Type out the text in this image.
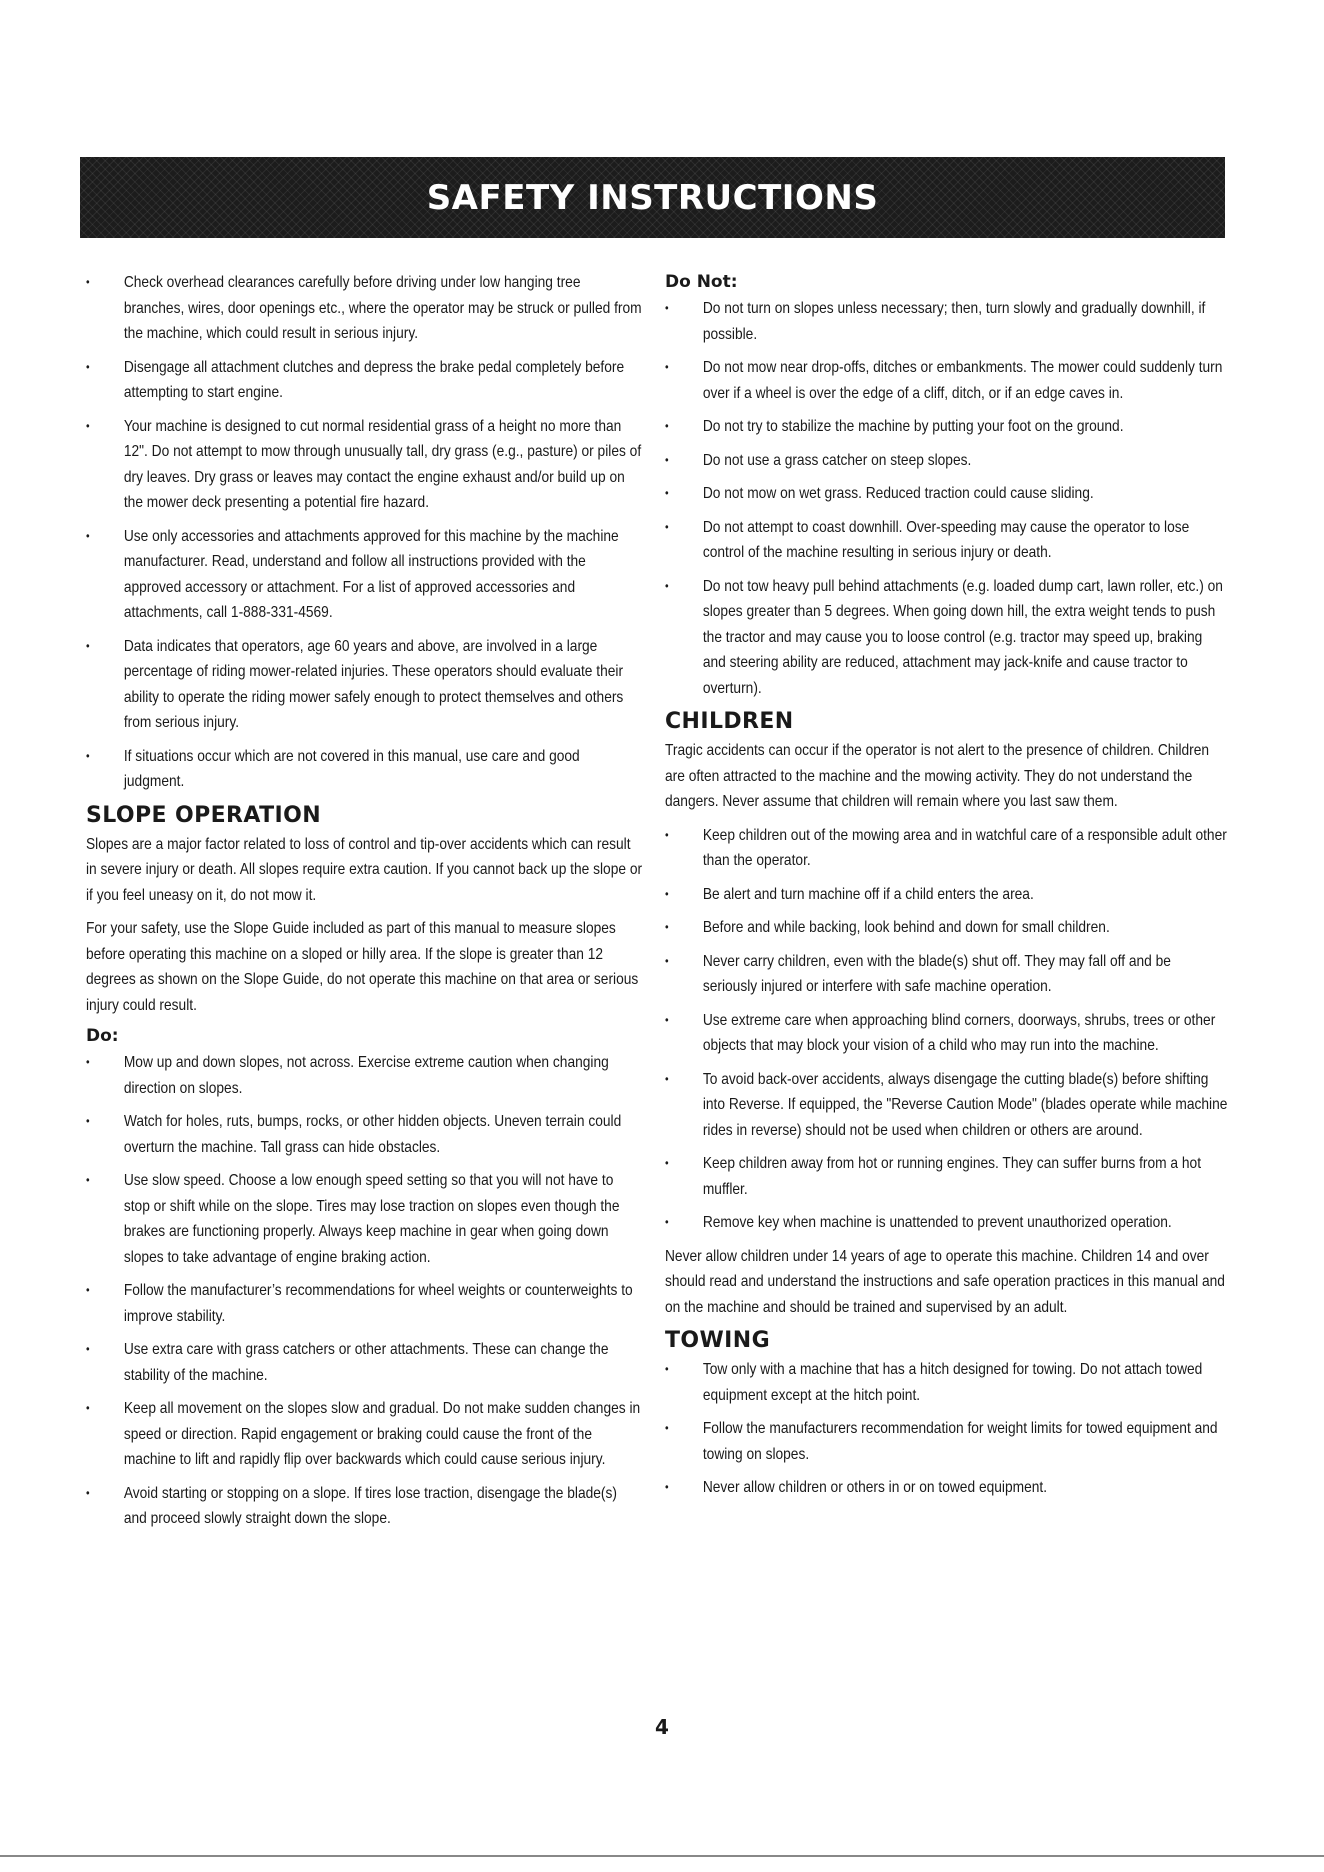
SAFETY INSTRUCTIONS
• Check overhead clearances carefully before driving under low hanging tree branches, wires, door openings etc., where the operator may be struck or pulled from the machine, which could result in serious injury.
• Disengage all attachment clutches and depress the brake pedal completely before attempting to start engine.
• Your machine is designed to cut normal residential grass of a height no more than 12". Do not attempt to mow through unusually tall, dry grass (e.g., pasture) or piles of dry leaves. Dry grass or leaves may contact the engine exhaust and/or build up on the mower deck presenting a potential fire hazard.
• Use only accessories and attachments approved for this machine by the machine manufacturer. Read, understand and follow all instructions provided with the approved accessory or attachment. For a list of approved accessories and attachments, call 1-888-331-4569.
• Data indicates that operators, age 60 years and above, are involved in a large percentage of riding mower-related injuries. These operators should evaluate their ability to operate the riding mower safely enough to protect themselves and others from serious injury.
• If situations occur which are not covered in this manual, use care and good judgment.
SLOPE OPERATION

Slopes are a major factor related to loss of control and tip-over accidents which can result in severe injury or death. All slopes require extra caution. If you cannot back up the slope or if you feel uneasy on it, do not mow it.

For your safety, use the Slope Guide included as part of this manual to measure slopes before operating this machine on a sloped or hilly area. If the slope is greater than 12 degrees as shown on the Slope Guide, do not operate this machine on that area or serious injury could result.

Do:
• Mow up and down slopes, not across. Exercise extreme caution when changing direction on slopes.
• Watch for holes, ruts, bumps, rocks, or other hidden objects. Uneven terrain could overturn the machine. Tall grass can hide obstacles.
• Use slow speed. Choose a low enough speed setting so that you will not have to stop or shift while on the slope. Tires may lose traction on slopes even though the brakes are functioning properly. Always keep machine in gear when going down slopes to take advantage of engine braking action.
• Follow the manufacturer’s recommendations for wheel weights or counterweights to improve stability.
• Use extra care with grass catchers or other attachments. These can change the stability of the machine.
• Keep all movement on the slopes slow and gradual. Do not make sudden changes in speed or direction. Rapid engagement or braking could cause the front of the machine to lift and rapidly flip over backwards which could cause serious injury.
• Avoid starting or stopping on a slope. If tires lose traction, disengage the blade(s) and proceed slowly straight down the slope.
Do Not:
• Do not turn on slopes unless necessary; then, turn slowly and gradually downhill, if possible.
• Do not mow near drop-offs, ditches or embankments. The mower could suddenly turn over if a wheel is over the edge of a cliff, ditch, or if an edge caves in.
• Do not try to stabilize the machine by putting your foot on the ground.
• Do not use a grass catcher on steep slopes.
• Do not mow on wet grass. Reduced traction could cause sliding.
• Do not attempt to coast downhill. Over-speeding may cause the operator to lose control of the machine resulting in serious injury or death.
• Do not tow heavy pull behind attachments (e.g. loaded dump cart, lawn roller, etc.) on slopes greater than 5 degrees. When going down hill, the extra weight tends to push the tractor and may cause you to loose control (e.g. tractor may speed up, braking and steering ability are reduced, attachment may jack-knife and cause tractor to overturn).
CHILDREN

Tragic accidents can occur if the operator is not alert to the presence of children. Children are often attracted to the machine and the mowing activity. They do not understand the dangers. Never assume that children will remain where you last saw them.

• Keep children out of the mowing area and in watchful care of a responsible adult other than the operator.
• Be alert and turn machine off if a child enters the area.
• Before and while backing, look behind and down for small children.
• Never carry children, even with the blade(s) shut off. They may fall off and be seriously injured or interfere with safe machine operation.
• Use extreme care when approaching blind corners, doorways, shrubs, trees or other objects that may block your vision of a child who may run into the machine.
• To avoid back-over accidents, always disengage the cutting blade(s) before shifting into Reverse. If equipped, the "Reverse Caution Mode" (blades operate while machine rides in reverse) should not be used when children or others are around.
• Keep children away from hot or running engines. They can suffer burns from a hot muffler.
• Remove key when machine is unattended to prevent unauthorized operation.

Never allow children under 14 years of age to operate this machine. Children 14 and over should read and understand the instructions and safe operation practices in this manual and on the machine and should be trained and supervised by an adult.

TOWING
• Tow only with a machine that has a hitch designed for towing. Do not attach towed equipment except at the hitch point.
• Follow the manufacturers recommendation for weight limits for towed equipment and towing on slopes.
• Never allow children or others in or on towed equipment.
4
